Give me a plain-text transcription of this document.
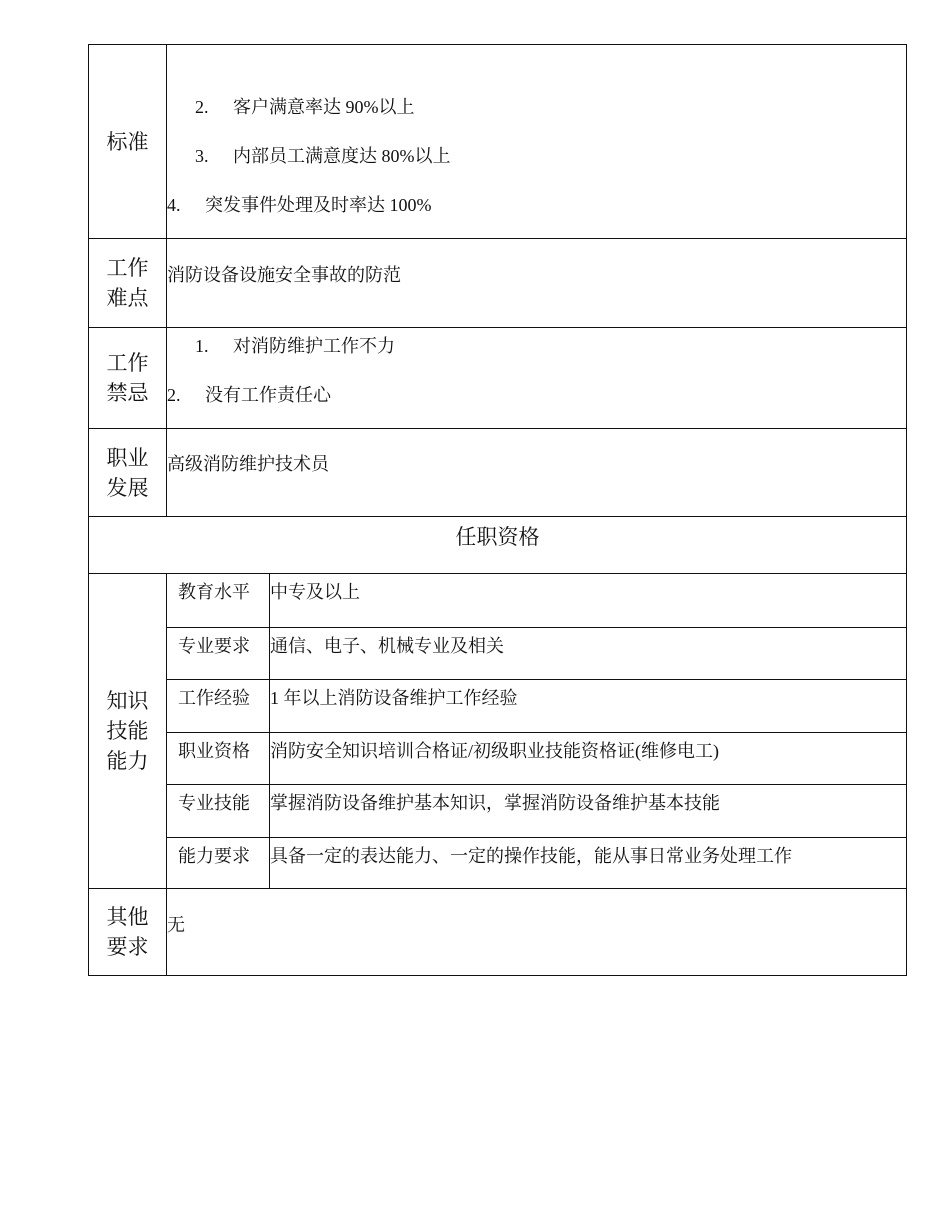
标准
2. 客户满意率达 90%以上
3. 内部员工满意度达 80%以上
4. 突发事件处理及时率达 100%
工作难点
消防设备设施安全事故的防范
工作禁忌
1. 对消防维护工作不力
2. 没有工作责任心
职业发展
高级消防维护技术员
任职资格
知识技能能力
教育水平 中专及以上
专业要求 通信、电子、机械专业及相关
工作经验 1 年以上消防设备维护工作经验
职业资格 消防安全知识培训合格证/初级职业技能资格证(维修电工)
专业技能 掌握消防设备维护基本知识，掌握消防设备维护基本技能
能力要求 具备一定的表达能力、一定的操作技能，能从事日常业务处理工作
其他要求
无
